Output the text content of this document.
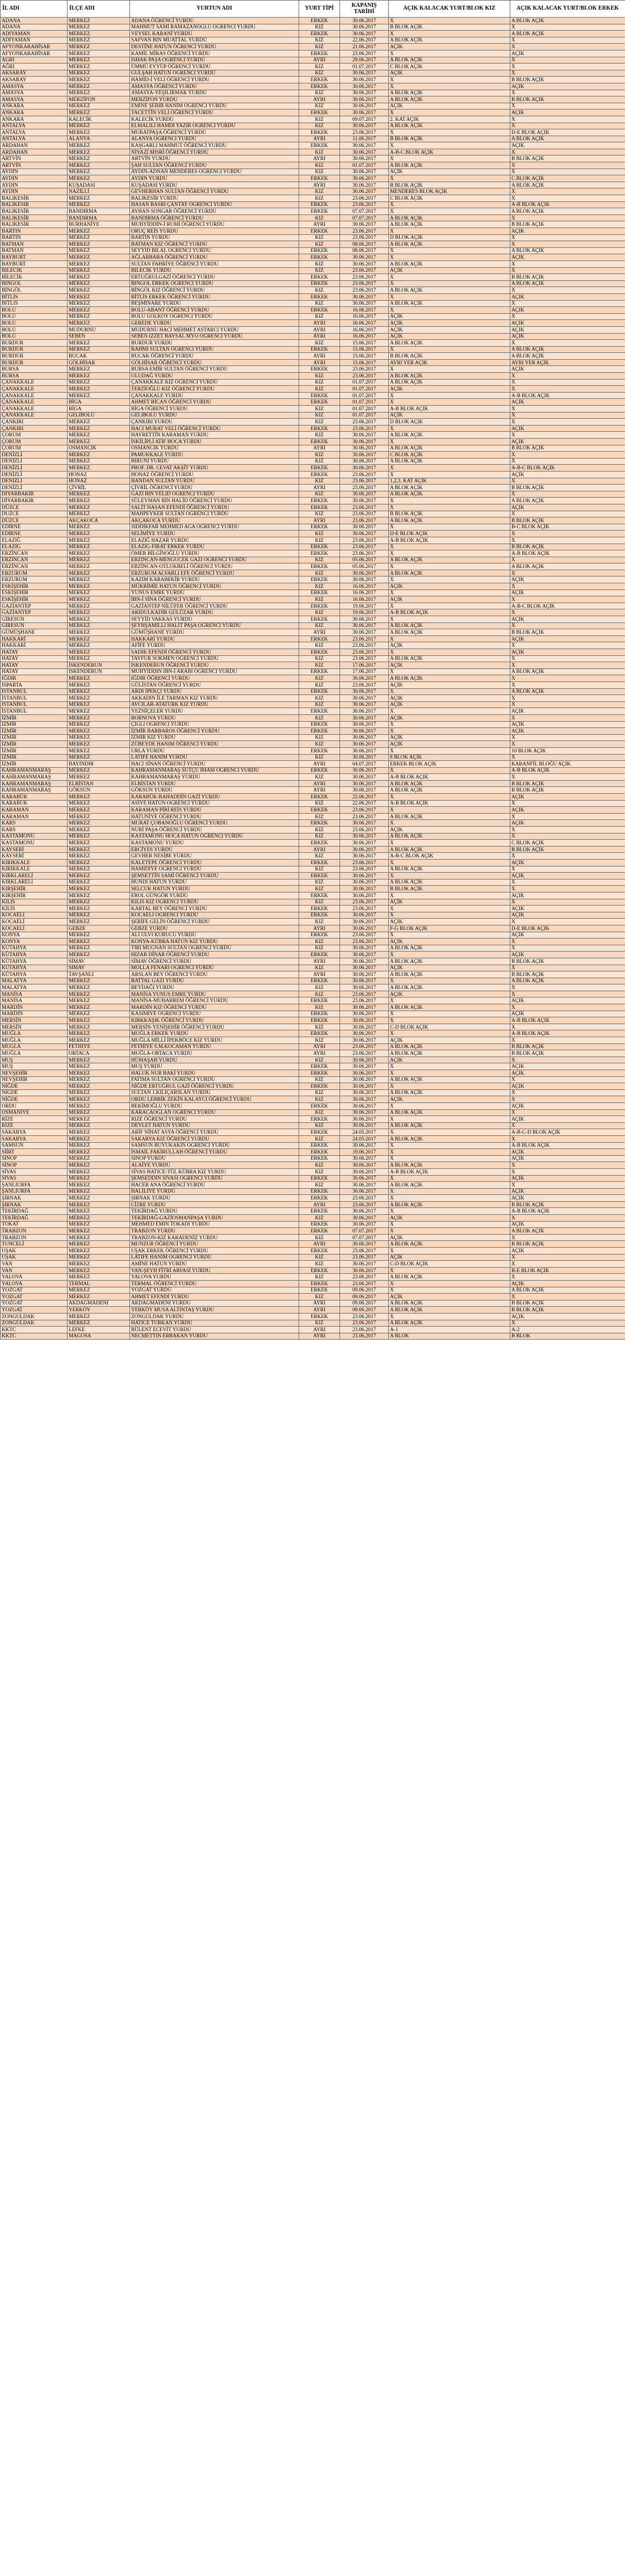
İL ADI	İLÇE ADI	YURTUN ADI	YURT TİPİ	KAPANIŞ TARİHİ	AÇIK KALACAK YURT/BLOK KIZ	AÇIK KALACAK YURT/BLOK ERKEK
ADANA	MERKEZ	ADANA ÖĞRENCİ YURDU	ERKEK	30.06.2017	X	A BLOK AÇIK
ADANA	MERKEZ	MAHMUT SAMİ RAMAZANOĞLU ÖĞRENCİ YURDU	KIZ	30.06.2017	B BLOK AÇIK	X
ADIYAMAN	MERKEZ	VEYSEL KARANİ YURDU	ERKEK	30.06.2017	X	A BLOK AÇIK
ADIYAMAN	MERKEZ	SAFVAN BİN MUATTAL YURDU	KIZ	22.06.2017	A BLOK AÇIK	X
AFYONKARAHİSAR	MERKEZ	DESTİNE HATUN ÖĞRENCİ YURDU	KIZ	21.06.2017	AÇIK	X
AFYONKARAHİSAR	MERKEZ	KAMİL MİRAS ÖĞRENCİ YURDU	ERKEK	23.06.2017	X	AÇIK
AĞRI	MERKEZ	İSHAK PAŞA ÖĞRENCİ YURDU	AYRI	29.06.2017	A BLOK AÇIK	X
AĞRI	MERKEZ	ÜMMÜ EYYÜP ÖĞRENCİ YURDU	KIZ	01.07.2017	C BLOK AÇIK	X
AKSARAY	MERKEZ	GÜLŞAH HATUN ÖĞRENCİ YURDU	KIZ	30.06.2017	AÇIK	X
AKSARAY	MERKEZ	HAMİD-İ VELİ ÖĞRENCİ YURDU	ERKEK	30.06.2017	X	B BLOK AÇIK
AMASYA	MERKEZ	AMASYA ÖĞRENCİ YURDU	ERKEK	30.06.2017	X	AÇIK
AMASYA	MERKEZ	AMASYA-YEŞİLIRMAK YURDU	KIZ	30.06.2017	A BLOK AÇIK	X
AMASYA	MERZİFON	MERZİFON YURDU	AYRI	30.06.2017	A BLOK AÇIK	B BLOK AÇIK
ANKARA	MERKEZ	EMİNE ŞEBİB HANIM ÖĞRENCİ YURDU	KIZ	30.06.2017	AÇIK	X
ANKARA	MERKEZ	TACETTİN VELİ ÖĞRENCİ YURDU	ERKEK	30.06.2017	X	AÇIK
ANKARA	KALECİK	KALECİK YURDU	KIZ	09.07.2017	2. KAT AÇIK	X
ANTALYA	MERKEZ	ELMALILI HAMDİ YAZIR ÖĞRENCİ YURDU	KIZ	30.06.2017	A BLOK AÇIK	X
ANTALYA	MERKEZ	MURATPAŞA ÖĞRENCİ YURDU	ERKEK	23.06.2017	X	D-E BLOK AÇIK
ANTALYA	ALANYA	ALANYA ÖĞRENCİ YURDU	AYRI	11.06.2017	B BLOK AÇIK	A BLOK AÇIK
ARDAHAN	MERKEZ	KAŞGARLI MAHMUT ÖĞRENCİ YURDU	ERKEK	30.06.2017	X	AÇIK
ARDAHAN	MERKEZ	NİYAZİ MISRİ ÖĞRENCİ YURDU	KIZ	30.06.2017	A-B-C BLOK AÇIK	X
ARTVİN	MERKEZ	ARTVİN YURDU	AYRI	30.06.2017	X	B BLOK AÇIK
ARTVİN	MERKEZ	ŞAH SULTAN ÖĞRENCİ YURDU	KIZ	01.07.2017	A BLOK AÇIK	X
AYDIN	MERKEZ	AYDIN-ADNAN MENDERES ÖĞRENCİ YURDU	KIZ	30.06.2017	AÇIK	X
AYDIN	MERKEZ	AYDIN YURDU	ERKEK	30.06.2017	X	C BLOK AÇIK
AYDIN	KUŞADASI	KUŞADASI YURDU	AYRI	30.06.2017	B BLOK AÇIK	A BLOK AÇIK
AYDIN	NAZİLLİ	GEVHERHAN SULTAN ÖĞRENCİ YURDU	KIZ	30.06.2017	MENDERES BLOK AÇIK	X
BALIKESİR	MERKEZ	BALIKESİR YURDU	KIZ	23.06.2017	C BLOK AÇIK	X
BALIKESİR	MERKEZ	HASAN BASRİ ÇANTAY ÖĞRENCİ YURDU	ERKEK	23.06.2017	X	A-B BLOK AÇIK
BALIKESİR	BANDIRMA	AYHAN SONGAR ÖĞRENCİ YURDU	ERKEK	07.07.2017	X	A BLOK AÇIK
BALIKESİR	BANDIRMA	BANDIRMA ÖĞRENCİ YURDU	KIZ	07.07.2017	A BLOK AÇIK	X
BALIKESİR	BURHANİYE	MUHYİDDİN-İ RUMİ ÖĞRENCİ YURDU	AYRI	30.06.2017	A BLOK AÇIK	B BLOK AÇIK
BARTIN	MERKEZ	ORUÇ REİS YURDU	ERKEK	23.06.2017	X	AÇIK
BARTIN	MERKEZ	BARTIN YURDU	KIZ	23.06.2017	D BLOK AÇIK	X
BATMAN	MERKEZ	BATMAN KIZ ÖĞRENCİ YURDU	KIZ	08.06.2017	A BLOK AÇIK	X
BATMAN	MERKEZ	SEYYİD BİLAL ÖĞRENCİ YURDU	ERKEK	08.06.2017	X	A BLOK AÇIK
BAYBURT	MERKEZ	AĞLARBABA ÖĞRENCİ YURDU	ERKEK	30.06.2017	X	AÇIK
BAYBURT	MERKEZ	SULTAN FAHRİYE ÖĞRENCİ YURDU	KIZ	30.06.2017	A BLOK AÇIK	X
BİLECİK	MERKEZ	BİLECİK YURDU	KIZ	23.06.2017	AÇIK	X
BİLECİK	MERKEZ	ERTUĞRULGAZİ ÖĞRENCİ YURDU	ERKEK	23.06.2017	X	B BLOK AÇIK
BİNGÖL	MERKEZ	BİNGÖL ERKEK ÖĞRENCİ YURDU	ERKEK	23.06.2017	X	A BLOK AÇIK
BİNGÖL	MERKEZ	BİNGÖL KIZ ÖĞRENCİ YURDU	KIZ	23.06.2017	A BLOK AÇIK	X
BİTLİS	MERKEZ	BİTLİS ERKEK ÖĞRENCİ YURDU	ERKEK	30.06.2017	X	AÇIK
BİTLİS	MERKEZ	BEŞMİNARE YURDU	KIZ	30.06.2017	A BLOK AÇIK	X
BOLU	MERKEZ	BOLU-ABANT ÖĞRENCİ YURDU	ERKEK	16.06.2017	X	AÇIK
BOLU	MERKEZ	BOLU GÖLKÖY ÖĞRENCİ YURDU	KIZ	16.06.2017	AÇIK	X
BOLU	MERKEZ	GEREDE YURDU	AYRI	16.06.2017	AÇIK	AÇIK
BOLU	MUDURNU	MUDURNU HACI MEHMET ASTARCI YURDU	AYRI	16.06.2017	AÇIK	AÇIK
BOLU	SEBEN	SEBEN İZZET BAYSAL MYO ÖĞRENCİ YURDU	AYRI	16.06.2017	AÇIK	AÇIK
BURDUR	MERKEZ	BURDUR YURDU	KIZ	15.06.2017	A BLOK AÇIK	X
BURDUR	MERKEZ	RAHMİ SULTAN ÖĞRENCİ YURDU	ERKEK	15.06.2017	X	A BLOK AÇIK
BURDUR	BUCAK	BUCAK ÖĞRENCİ YURDU	AYRI	15.06.2017	B BLOK AÇIK	A BLOK AÇIK
BURDUR	GÖLHİSAR	GÖLHİSAR ÖĞRENCİ YURDU	AYRI	15.06.2017	AYRI YER AÇIK	AYRI YER AÇIK
BURSA	MERKEZ	BURSA EMİR SULTAN ÖĞRENCİ YURDU	ERKEK	23.06.2017	X	AÇIK
BURSA	MERKEZ	ULUDAĞ YURDU	KIZ	23.06.2017	A BLOK AÇIK	X
ÇANAKKALE	MERKEZ	ÇANAKKALE KIZ ÖĞRENCİ YURDU	KIZ	01.07.2017	A BLOK AÇIK	X
ÇANAKKALE	MERKEZ	TERZİOĞLU KIZ ÖĞRENCİ YURDU	KIZ	01.07.2017	AÇIK	X
ÇANAKKALE	MERKEZ	ÇANAKKALE YURDU	ERKEK	01.07.2017	X	A-B BLOK AÇIK
ÇANAKKALE	BİGA	AHMET BİCAN ÖĞRENCİ YURDU	ERKEK	01.07.2017	X	AÇIK
ÇANAKKALE	BİGA	BİGA ÖĞRENCİ YURDU	KIZ	01.07.2017	A-B BLOK AÇIK	X
ÇANAKKALE	GELİBOLU	GELİBOLU YURDU	KIZ	01.07.2017	AÇIK	X
ÇANKIRI	MERKEZ	ÇANKIRI YURDU	KIZ	23.06.2017	D BLOK AÇIK	X
ÇANKIRI	MERKEZ	HACI MURAT VELİ ÖĞRENCİ YURDU	ERKEK	23.06.2017	X	AÇIK
ÇORUM	MERKEZ	HAYRETTİN KARAMAN YURDU	KIZ	30.06.2017	A BLOK AÇIK	X
ÇORUM	MERKEZ	İSKİLİPLİ ATIF HOCA YURDU	ERKEK	30.06.2017	X	AÇIK
ÇORUM	OSMANCIK	OSMANCIK YURDU	AYRI	30.06.2017	A BLOK AÇIK	B BLOK AÇIK
DENİZLİ	MERKEZ	PAMUKKALE YURDU	KIZ	30.06.2017	C BLOK AÇIK	X
DENİZLİ	MERKEZ	BİRUNİ YURDU	KIZ	30.06.2017	A BLOK AÇIK	X
DENİZLİ	MERKEZ	PROF. DR. CEVAT AKŞİT YURDU	ERKEK	30.06.2017	X	A-B-C BLOK AÇIK
DENİZLİ	HONAZ	HONAZ ÖĞRENCİ YURDU	ERKEK	23.06.2017	X	AÇIK
DENİZLİ	HONAZ	HANDAN SULTAN YURDU	KIZ	23.06.2017	1,2,3. KAT AÇIK	X
DENİZLİ	ÇİVRİL	ÇİVRİL ÖĞRENCİ YURDU	AYRI	23.06.2017	A BLOK AÇIK	B BLOK AÇIK
DİYARBAKIR	MERKEZ	GAZİ BİN YELİD ÖĞRENCİ YURDU	KIZ	30.06.2017	A BLOK AÇIK	X
DİYARBAKIR	MERKEZ	SÜLEYMAN BİN HALİD ÖĞRENCİ YURDU	ERKEK	30.06.2017	X	A BLOK AÇIK
DÜZCE	MERKEZ	SALİT HASAN EFENDİ ÖĞRENCİ YURDU	ERKEK	23.06.2017	X	AÇIK
DÜZCE	MERKEZ	MAHPEYKER SULTAN ÖĞRENCİ YURDU	KIZ	23.06.2017	B BLOK AÇIK	X
DÜZCE	AKÇAKOCA	AKÇAKOCA YURDU	AYRI	23.06.2017	A BLOK AÇIK	B BLOK AÇIK
EDİRNE	MERKEZ	SIDDIKFAR MEHMED AĞA ÖĞRENCİ YURDU	ERKEK	30.06.2017	X	B-C BLOK AÇIK
EDİRNE	MERKEZ	SELİMİYE YURDU	KIZ	30.06.2017	D-E BLOK AÇIK	X
ELAZIĞ	MERKEZ	ELAZIĞ HAZAR YURDU	KIZ	23.06.2017	A-B BLOK AÇIK	X
ELAZIĞ	MERKEZ	ELAZIĞ-FIRAT ERKEK YURDU	ERKEK	23.06.2017	X	B BLOK AÇIK
ERZİNCAN	MERKEZ	ÖMER BİLGİNOĞLU YURDU	ERKEK	23.06.2017	X	A-B BLOK AÇIK
ERZİNCAN	MERKEZ	ERZİNCAN-MENGÜCEK GAZİ ÖĞRENCİ YURDU	KIZ	05.06.2017	A BLOK AÇIK	X
ERZİNCAN	MERKEZ	ERZİNCAN-OTLUKBELİ ÖĞRENCİ YURDU	ERKEK	05.06.2017	X	A BLOK AÇIK
ERZURUM	MERKEZ	ERZURUM ALVARLI EFE ÖĞRENCİ YURDU	KIZ	30.06.2017	A BLOK AÇIK	X
ERZURUM	MERKEZ	KAZIM KARABEKİR YURDU	ERKEK	30.06.2017	X	AÇIK
ESKİŞEHİR	MERKEZ	MÜKRİMİE HATUN ÖĞRENCİ YURDU	KIZ	16.06.2017	AÇIK	X
ESKİŞEHİR	MERKEZ	YUNUS EMRE YURDU	ERKEK	16.06.2017	X	AÇIK
ESKİŞEHİR	MERKEZ	İBN-İ SİNA ÖĞRENCİ YURDU	KIZ	16.06.2017	AÇIK	X
GAZİANTEP	MERKEZ	GAZİANTEP NİLÜFER ÖĞRENCİ YURDU	ERKEK	19.06.2017	X	A-B-C BLOK AÇIK
GAZİANTEP	MERKEZ	ARIDULKADİR GÜLÜZAR YURDU	KIZ	19.06.2017	A-B BLOK AÇIK	X
GİRESUN	MERKEZ	SEYYİD VAKKAS YURDU	ERKEK	30.06.2017	X	AÇIK
GİRESUN	MERKEZ	ŞEYHŞAMİLLİ HALİT PAŞA ÖĞRENCİ YURDU	KIZ	30.06.2017	A BLOK AÇIK	X
GÜMÜŞHANE	MERKEZ	GÜMÜŞHANE YURDU	AYRI	30.06.2017	A BLOK AÇIK	B BLOK AÇIK
HAKKARİ	MERKEZ	HAKKARİ YURDU	ERKEK	23.06.2017	X	AÇIK
HAKKARİ	MERKEZ	AFİFE YURDU	KIZ	23.06.2017	AÇIK	X
HATAY	MERKEZ	SADIK EFENDİ ÖĞRENCİ YURDU	ERKEK	23.06.2017	X	AÇIK
HATAY	MERKEZ	TAYFUR SÖKMEN ÖĞRENCİ YURDU	KIZ	23.06.2017	A BLOK AÇIK	X
HATAY	İSKENDERUN	İSKENDERUN ÖĞRENCİ YURDU	KIZ	17.06.2017	AÇIK	X
HATAY	İSKENDERUN	MUHYİDDİN İBN-İ ARABİ ÖĞRENCİ YURDU	ERKEK	17.06.2017	X	A BLOK AÇIK
IĞDIR	MERKEZ	IĞDIR ÖĞRENCİ YURDU	KIZ	30.06.2017	A BLOK AÇIK	X
ISPARTA	MERKEZ	GÜLİSTAN ÖĞRENCİ YURDU	KIZ	23.06.2017	AÇIK	X
İSTANBUL	MERKEZ	ARDI İPEKÇİ YURDU	ERKEK	30.06.2017	X	A BLOK AÇIK
İSTANBUL	MERKEZ	AKKADIN İLE TARMAN KIZ YURDU	KIZ	30.06.2017	AÇIK	X
İSTANBUL	MERKEZ	AVCILAR-ATATÜRK KIZ YURDU	KIZ	30.06.2017	AÇIK	X
İSTANBUL	MERKEZ	YEZNİÇELER YURDU	ERKEK	30.06.2017	X	AÇIK
İZMİR	MERKEZ	BORNOVA YURDU	KIZ	30.06.2017	AÇIK	X
İZMİR	MERKEZ	ÇİĞLİ ÖĞRENCİ YURDU	ERKEK	30.06.2017	X	AÇIK
İZMİR	MERKEZ	İZMİR BARBAROS ÖĞRENCİ YURDU	ERKEK	30.06.2017	X	AÇIK
İZMİR	MERKEZ	İZMİR KIZ YURDU	KIZ	30.06.2017	AÇIK	X
İZMİR	MERKEZ	ZÜBEYDE HANIM ÖĞRENCİ YURDU	KIZ	30.06.2017	AÇIK	X
İZMİR	MERKEZ	URLA YURDU	ERKEK	30.06.2017	X	10 BLOK AÇIK
İZMİR	MERKEZ	LATİFE HANIM YURDU	KIZ	30.06.2017	8 BLOK AÇIK	X
İZMİR	BAYINDIR	HACI SİNAN ÖĞRENCİ YURDU	AYRI	04.07.2017	ERKEK BLOK AÇIK	KARANFİL BLOĞU AÇIK
KAHRAMANMARAŞ	MERKEZ	KAHRAMANMARAŞ SÜTÇÜ İMAM ÖĞRENCİ YURDU	ERKEK	30.06.2017	X	A-B BLOK AÇIK
KAHRAMANMARAŞ	MERKEZ	KAHRAMANMARAŞ YURDU	KIZ	30.06.2017	A-B BLOK AÇIK	X
KAHRAMANMARAŞ	ELBİSTAN	ELBİSTAN YURDU	AYRI	30.06.2017	A BLOK AÇIK	B BLOK AÇIK
KAHRAMANMARAŞ	GÖKSUN	GÖKSUN YURDU	AYRI	30.06.2017	A BLOK AÇIK	B BLOK AÇIK
KARABÜK	MERKEZ	KARABÜK-BAHADDİN GAZİ YURDU	ERKEK	22.06.2017	X	AÇIK
KARABÜK	MERKEZ	ASİYE HATUN ÖĞRENCİ YURDU	KIZ	22.06.2017	A-B BLOK AÇIK	X
KARAMAN	MERKEZ	KARAMAN PİRİ REİS YURDU	ERKEK	23.06.2017	X	AÇIK
KARAMAN	MERKEZ	HATUNİYE ÖĞRENCİ YURDU	KIZ	23.06.2017	A BLOK AÇIK	X
KARS	MERKEZ	MURAT ÇOBANOĞLU ÖĞRENCİ YURDU	ERKEK	30.06.2017	X	AÇIK
KARS	MERKEZ	NURİ PAŞA ÖĞRENCİ YURDU	KIZ	23.06.2017	AÇIK	X
KASTAMONU	MERKEZ	KASTAMONU HOCA HATUN ÖĞRENCİ YURDU	KIZ	30.06.2017	A BLOK AÇIK	X
KASTAMONU	MERKEZ	KASTAMONU YURDU	ERKEK	30.06.2017	X	C BLOK AÇIK
KAYSERİ	MERKEZ	ERCİYES YURDU	AYRI	30.06.2017	A BLOK AÇIK	B BLOK AÇIK
KAYSERİ	MERKEZ	GEVHER NESİBE YURDU	KIZ	30.06.2017	A-B-C BLOK AÇIK	X
KIRIKKALE	MERKEZ	KALETEPE ÖĞRENCİ YURDU	ERKEK	23.06.2017	X	AÇIK
KIRIKKALE	MERKEZ	HAMİDİYE ÖĞRENCİ YURDU	KIZ	23.06.2017	A BLOK AÇIK	X
KIRKLARELİ	MERKEZ	ŞEMSETTİN SAMİ ÖĞRENCİ YURDU	ERKEK	30.06.2017	X	AÇIK
KIRKLARELİ	MERKEZ	HUNDİ HATUN YURDU	KIZ	30.06.2017	A BLOK AÇIK	X
KIRŞEHİR	MERKEZ	SELCUK HATUN YURDU	KIZ	30.06.2017	B BLOK AÇIK	X
KIRŞEHİR	MERKEZ	EROL GÜNGÖR YURDU	ERKEK	30.06.2017	X	AÇIK
KİLİS	MERKEZ	KİLİS KIZ ÖĞRENCİ YURDU	KIZ	23.06.2017	AÇIK	X
KİLİS	MERKEZ	KARTAL BEY ÖĞRENCİ YURDU	ERKEK	23.06.2017	X	AÇIK
KOCAELİ	MERKEZ	KOCAELİ ÖĞRENCİ YURDU	ERKEK	30.06.2017	X	AÇIK
KOCAELİ	MERKEZ	ŞERİFE GELİN ÖĞRENCİ YURDU	KIZ	30.06.2017	AÇIK	X
KOCAELİ	GEBZE	GEBZE YURDU	AYRI	30.06.2017	F-G BLOK AÇIK	D-E BLOK AÇIK
KONYA	MERKEZ	ALİ ULVİ KURUCU YURDU	ERKEK	23.06.2017	X	AÇIK
KONYA	MERKEZ	KONYA-KÜBRA HATUN KIZ YURDU	KIZ	23.06.2017	AÇIK	X
KÜTAHYA	MERKEZ	TİRİ MUĞNAN SULTAN ÖĞRENCİ YURDU	KIZ	30.06.2017	A BLOK AÇIK	X
KÜTAHYA	MERKEZ	HIZAR DİNAR ÖĞRENCİ YURDU	ERKEK	30.06.2017	X	AÇIK
KÜTAHYA	SİMAV	SİMAV ÖĞRENCİ YURDU	AYRI	30.06.2017	A BLOK AÇIK	B BLOK AÇIK
KÜTAHYA	SİMAV	MOLLA FENARİ ÖĞRENCİ YURDU	KIZ	30.06.2017	AÇIK	X
KÜTAHYA	TAVŞANLI	ARSLAN BEY ÖĞRENCİ YURDU	AYRI	30.06.2017	A BLOK AÇIK	B BLOK AÇIK
MALATYA	MERKEZ	BATTAL GAZİ YURDU	ERKEK	30.06.2017	X	A BLOK AÇIK
MALATYA	MERKEZ	BEYDAĞI YURDU	KIZ	30.06.2017	A BLOK AÇIK	X
MANİSA	MERKEZ	MANİSA YUNUS EMRE YURDU	KIZ	23.06.2017	AÇIK	X
MANİSA	MERKEZ	MANİSA-MUHARREM ÖĞRENCİ YURDU	ERKEK	23.06.2017	X	AÇIK
MARDİN	MERKEZ	MARDİN KIZ ÖĞRENCİ YURDU	KIZ	30.06.2017	A BLOK AÇIK	X
MARDİN	MERKEZ	KASIMİYE ÖĞRENCİ YURDU	ERKEK	30.06.2017	X	AÇIK
MERSİN	MERKEZ	KIRKKAŞIK ÖĞRENCİ YURDU	ERKEK	30.06.2017	X	A-B BLOK AÇIK
MERSİN	MERKEZ	MERSİN-YENİŞEHİR ÖĞRENCİ YURDU	KIZ	30.06.2017	C-D BLOK AÇIK	X
MUĞLA	MERKEZ	MUĞLA ERKEK YURDU	ERKEK	30.06.2017	X	A-B BLOK AÇIK
MUĞLA	MERKEZ	MUĞLA MİLLİ İPEKBÖCE KIZ YURDU	KIZ	30.06.2017	AÇIK	X
MUĞLA	FETHİYE	FETHİYE S.M.KOCAMAN YURDU	AYRI	23.06.2017	A BLOK AÇIK	B BLOK AÇIK
MUĞLA	ORTACA	MUĞLA-ORTACA YURDU	AYRI	23.06.2017	A BLOK AÇIK	B BLOK AÇIK
MUŞ	MERKEZ	HÜMAŞAH YURDU	KIZ	30.06.2017	AÇIK	X
MUŞ	MERKEZ	MUŞ YURDU	ERKEK	30.06.2017	X	AÇIK
NEVŞEHİR	MERKEZ	HALUK NUR BAKİ YURDU	ERKEK	30.06.2017	X	AÇIK
NEVŞEHİR	MERKEZ	FATIMA SULTAN ÖĞRENCİ YURDU	KIZ	30.06.2017	A BLOK AÇIK	X
NİĞDE	MERKEZ	NİĞDE ERTUĞRUL GAZİ ÖĞRENCİ YURDU	ERKEK	30.06.2017	X	AÇIK
NİĞDE	MERKEZ	SULTAN 1.KILIÇARSLAN YURDU	KIZ	30.06.2017	A BLOK AÇIK	X
NİĞDE	MERKEZ	ORDU LEBBİK ZEKİN KALAYCI ÖĞRENCİ YURDU	KIZ	30.06.2017	AÇIK	X
ORDU	MERKEZ	BEKİMOĞLU YURDU	ERKEK	30.06.2017	X	AÇIK
OSMANİYE	MERKEZ	KARACAOĞLAN ÖĞRENCİ YURDU	KIZ	30.06.2017	A BLOK AÇIK	X
RİZE	MERKEZ	RIZE ÖĞRENCİ YURDU	ERKEK	30.06.2017	X	AÇIK
RİZE	MERKEZ	DEVLET HATUN YURDU	KIZ	30.06.2017	A BLOK AÇIK	X
SAKARYA	MERKEZ	ARİF NİHAT ASYA ÖĞRENCİ YURDU	ERKEK	24.05.2017	X	A-B-C-D BLOK AÇIK
SAKARYA	MERKEZ	SAKARYA KIZ ÖĞRENCİ YURDU	KIZ	24.05.2017	A BLOK AÇIK	X
SAMSUN	MERKEZ	SAMSUN BÜYÜKAKIN ÖĞRENCİ YURDU	ERKEK	30.06.2017	X	A-B BLOK AÇIK
SİİRT	MERKEZ	İSMAİL FAKİRULLAH ÖĞRENCİ YURDU	ERKEK	19.06.2017	X	AÇIK
SİNOP	MERKEZ	SİNOP YURDU	ERKEK	30.06.2017	X	AÇIK
SİNOP	MERKEZ	ALAİYE YURDU	KIZ	30.06.2017	A BLOK AÇIK	X
SİVAS	MERKEZ	SİVAS HATICE-TÜL KÜBRA KIZ YURDU	KIZ	30.06.2017	A-B BLOK AÇIK	X
SİVAS	MERKEZ	ŞEMSEDDİN SİVASİ ÖĞRENCİ YURDU	ERKEK	30.06.2017	X	AÇIK
ŞANLIURFA	MERKEZ	HACER ANA ÖĞRENCİ YURDU	KIZ	30.06.2017	A BLOK AÇIK	X
ŞANLIURFA	MERKEZ	HALİLİYE YURDU	ERKEK	30.06.2017	X	AÇIK
ŞIRNAK	MERKEZ	ŞIRNAK YURDU	ERKEK	23.06.2017	X	AÇIK
ŞIRNAK	MERKEZ	CİZRE YURDU	AYRI	23.06.2017	A BLOK AÇIK	B BLOK AÇIK
TEKİRDAĞ	MERKEZ	TEKİRDAĞ YURDU	ERKEK	30.06.2017	X	A-B BLOK AÇIK
TEKİRDAĞ	MERKEZ	TEKİRDAĞ-GAZİOSMANPAŞA YURDU	KIZ	30.06.2017	AÇIK	X
TOKAT	MERKEZ	MEHMED EMİN TOKADİ YURDU	ERKEK	30.06.2017	X	AÇIK
TRABZON	MERKEZ	TRABZON YURDU	ERKEK	07.07.2017	X	A BLOK AÇIK
TRABZON	MERKEZ	TRABZON-KIZ KARADENİZ YURDU	KIZ	07.07.2017	AÇIK	X
TUNCELİ	MERKEZ	MUNZUR ÖĞRENCİ YURDU	AYRI	30.06.2017	A BLOK AÇIK	B BLOK AÇIK
UŞAK	MERKEZ	UŞAK ERKEK ÖĞRENCİ YURDU	ERKEK	23.06.2017	X	AÇIK
UŞAK	MERKEZ	LATİFE HANIM ÖĞRENCİ YURDU	KIZ	23.06.2017	AÇIK	X
VAN	MERKEZ	AMİNE HATUN YURDU	KIZ	30.06.2017	C-D BLOK AÇIK	X
VAN	MERKEZ	VAN-ŞEYH FİTRİ ARVASİ YURDU	ERKEK	30.06.2017	X	B-E BLOK AÇIK
YALOVA	MERKEZ	YALOVA YURDU	KIZ	23.06.2017	A BLOK AÇIK	X
YALOVA	TERMAL	TERMAL ÖĞRENCİ YURDU	ERKEK	23.06.2017	X	AÇIK
YOZGAT	MERKEZ	YOZGAT YURDU	ERKEK	09.06.2017	X	A BLOK AÇIK
YOZGAT	MERKEZ	AHMET EFENDİ YURDU	KIZ	09.06.2017	AÇIK	X
YOZGAT	AKDAĞMADENİ	AKDAĞMADENİ YURDU	AYRI	09.06.2017	A BLOK AÇIK	B BLOK AÇIK
YOZGAT	YERKÖY	YERKÖY MUSA ALTINTAŞ YURDU	AYRI	09.06.2017	A BLOK AÇIK	B BLOK AÇIK
ZONGULDAK	MERKEZ	ZONGULDAK YURDU	ERKEK	23.06.2017	X	AÇIK
ZONGULDAK	MERKEZ	HATİCE TÜRKAN YURDU	KIZ	23.06.2017	A BLOK AÇIK	X
KKTC	LEFKE	BÜLENT ECEVİT YURDU	AYRI	23.06.2017	A-1	A-2
KKTC	MAĞOSA	NECMETTİN ERBAKAN YURDU	AYRI	23.06.2017	A BLOK	B BLOK
